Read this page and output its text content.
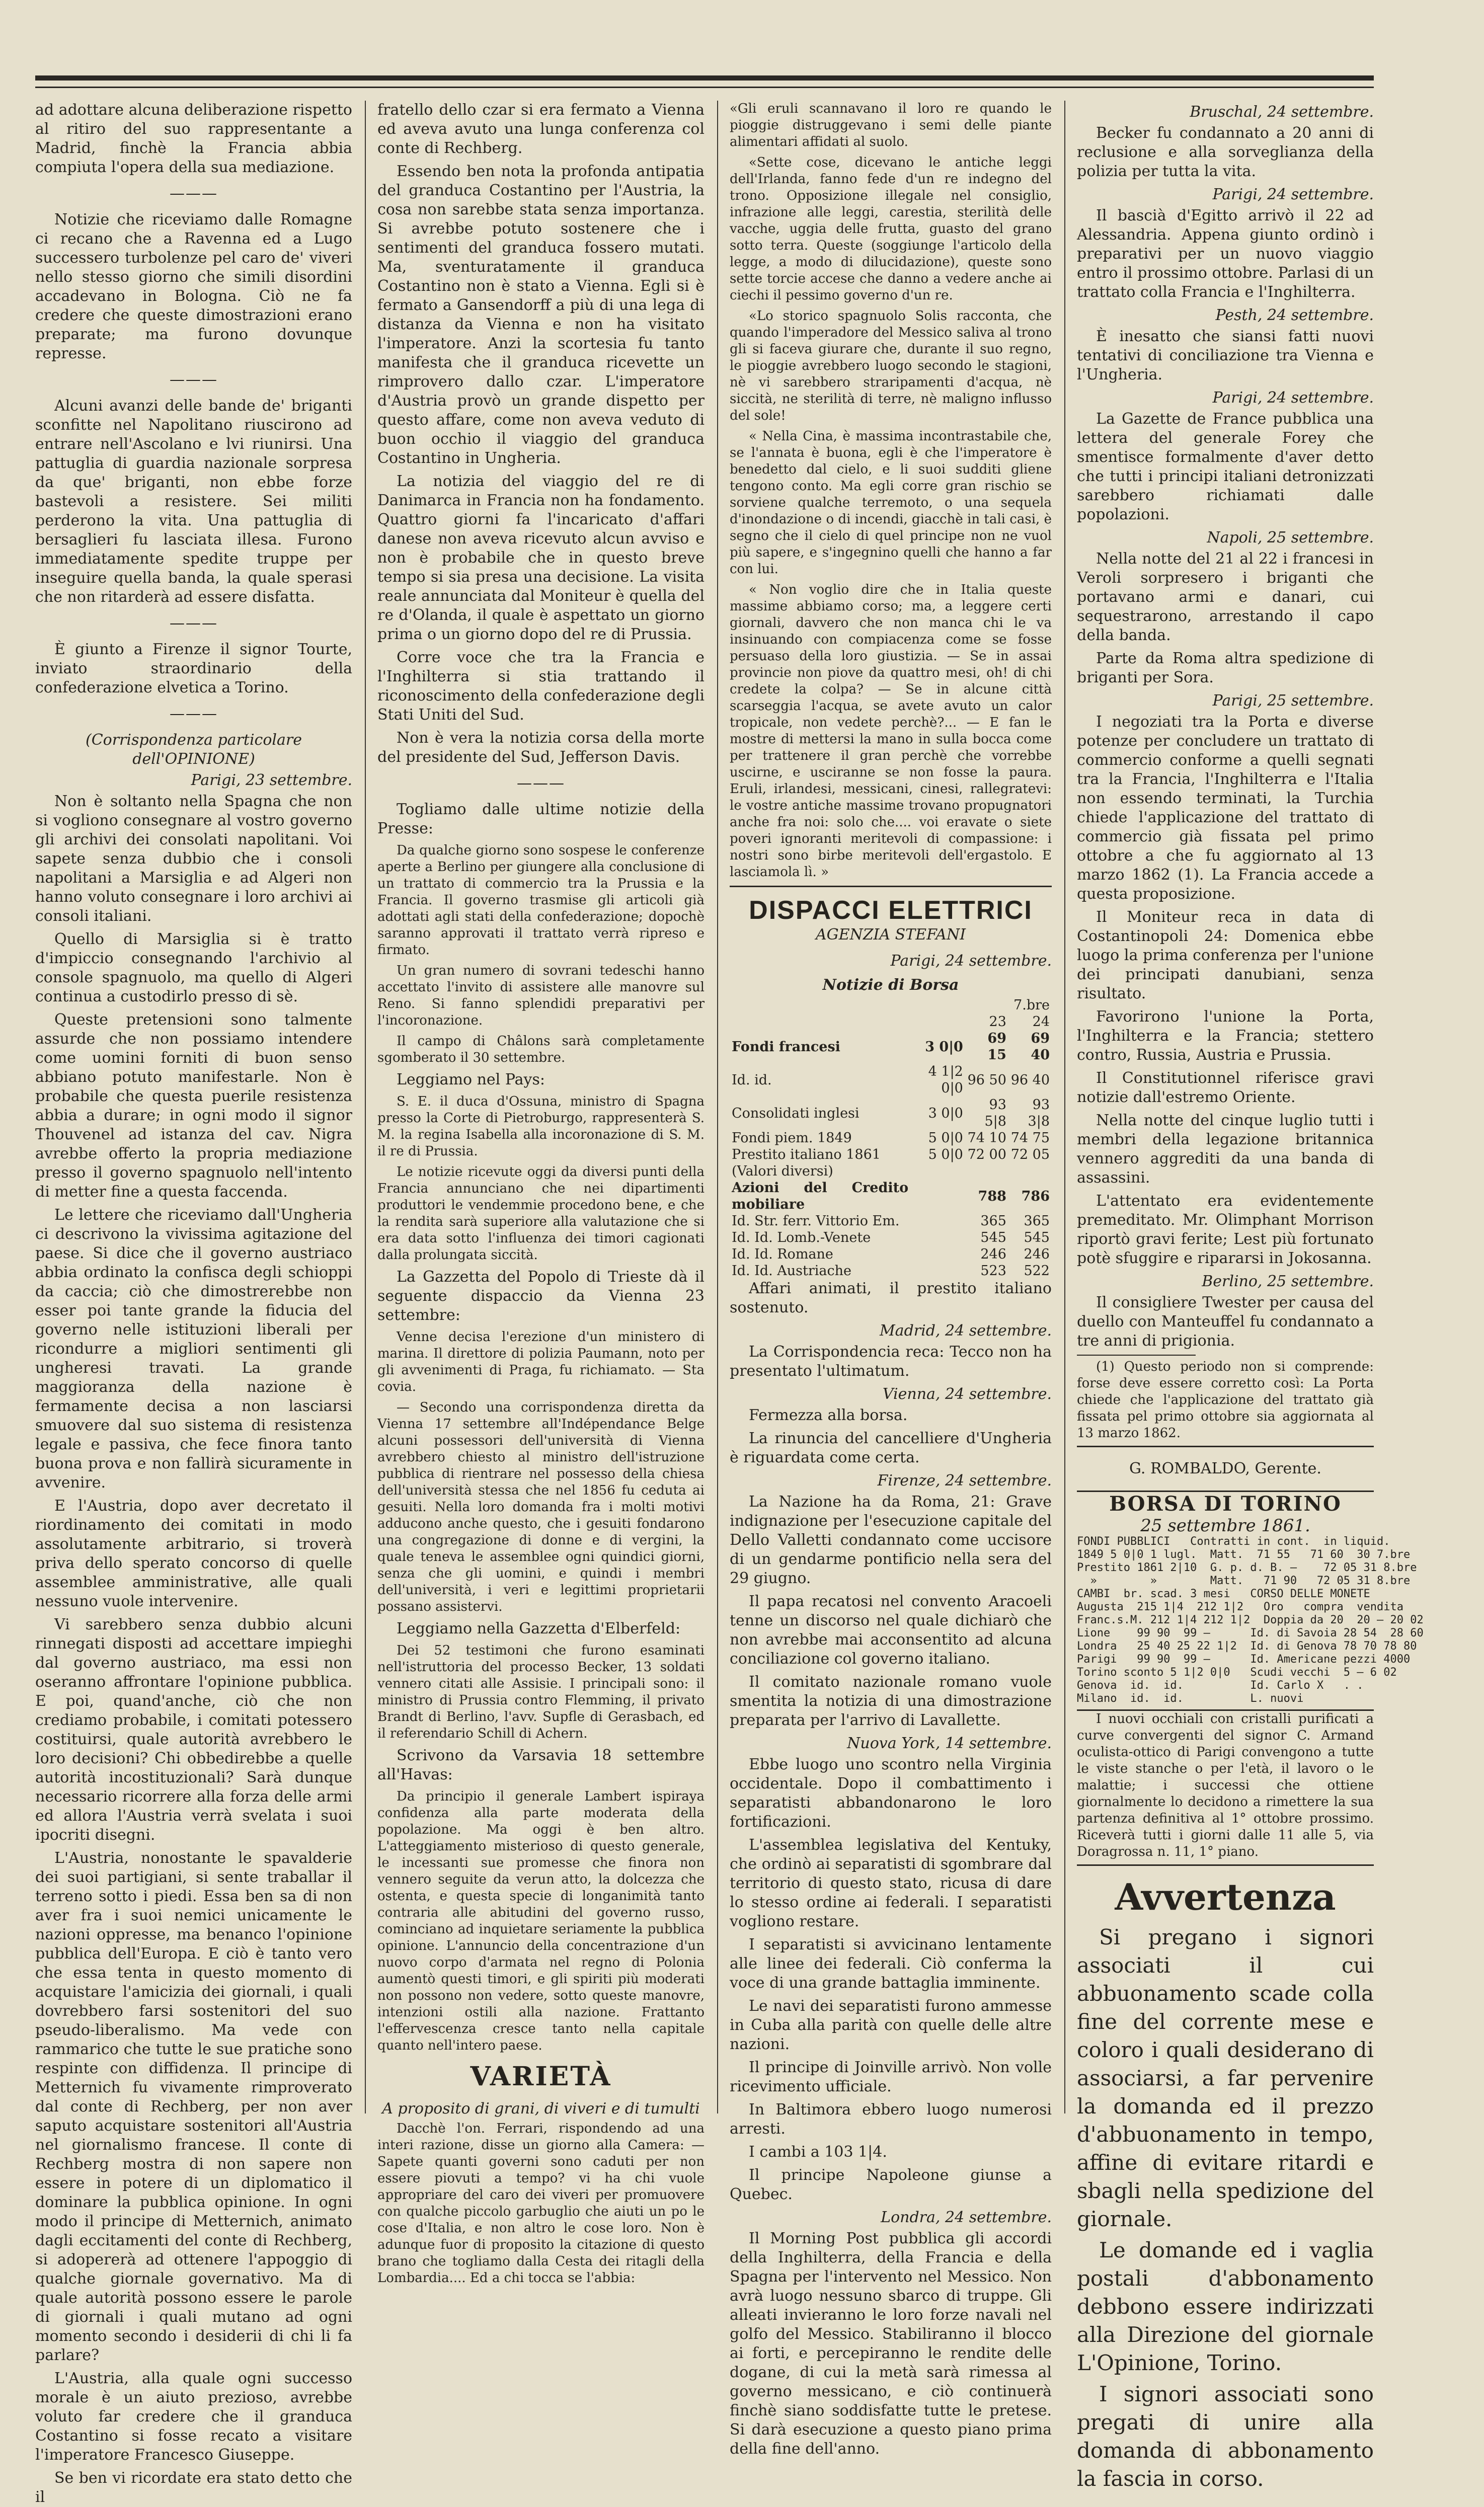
ad adottare alcuna deliberazione rispetto al ritiro del suo rappresentante a Madrid, finchè la Francia abbia compiuta l'opera della sua mediazione.

———

Notizie che riceviamo dalle Romagne ci recano che a Ravenna ed a Lugo successero turbolenze pel caro de' viveri nello stesso giorno che simili disordini accadevano in Bologna. Ciò ne fa credere che queste dimostrazioni erano preparate; ma furono dovunque represse.

———

Alcuni avanzi delle bande de' briganti sconfitte nel Napolitano riuscirono ad entrare nell'Ascolano e lvi riunirsi. Una pattuglia di guardia nazionale sorpresa da que' briganti, non ebbe forze bastevoli a resistere. Sei militi perderono la vita. Una pattuglia di bersaglieri fu lasciata illesa. Furono immediatamente spedite truppe per inseguire quella banda, la quale sperasi che non ritarderà ad essere disfatta.

———

È giunto a Firenze il signor Tourte, inviato straordinario della confederazione elvetica a Torino.

———
(Corrispondenza particolare dell'OPINIONE)
Parigi, 23 settembre.

Non è soltanto nella Spagna che non si vogliono consegnare al vostro governo gli archivi dei consolati napolitani. Voi sapete senza dubbio che i consoli napolitani a Marsiglia e ad Algeri non hanno voluto consegnare i loro archivi ai consoli italiani.

Quello di Marsiglia si è tratto d'impiccio consegnando l'archivio al console spagnuolo, ma quello di Algeri continua a custodirlo presso di sè.

Queste pretensioni sono talmente assurde che non possiamo intendere come uomini forniti di buon senso abbiano potuto manifestarle. Non è probabile che questa puerile resistenza abbia a durare; in ogni modo il signor Thouvenel ad istanza del cav. Nigra avrebbe offerto la propria mediazione presso il governo spagnuolo nell'intento di metter fine a questa faccenda.

Le lettere che riceviamo dall'Ungheria ci descrivono la vivissima agitazione del paese. Si dice che il governo austriaco abbia ordinato la confisca degli schioppi da caccia; ciò che dimostrerebbe non esser poi tante grande la fiducia del governo nelle istituzioni liberali per ricondurre a migliori sentimenti gli ungheresi travati. La grande maggioranza della nazione è fermamente decisa a non lasciarsi smuovere dal suo sistema di resistenza legale e passiva, che fece finora tanto buona prova e non fallirà sicuramente in avvenire.

E l'Austria, dopo aver decretato il riordinamento dei comitati in modo assolutamente arbitrario, si troverà priva dello sperato concorso di quelle assemblee amministrative, alle quali nessuno vuole intervenire.

Vi sarebbero senza dubbio alcuni rinnegati disposti ad accettare impieghi dal governo austriaco, ma essi non oseranno affrontare l'opinione pubblica. E poi, quand'anche, ciò che non crediamo probabile, i comitati potessero costituirsi, quale autorità avrebbero le loro decisioni? Chi obbedirebbe a quelle autorità incostituzionali? Sarà dunque necessario ricorrere alla forza delle armi ed allora l'Austria verrà svelata i suoi ipocriti disegni.

L'Austria, nonostante le spavalderie dei suoi partigiani, si sente traballar il terreno sotto i piedi. Essa ben sa di non aver fra i suoi nemici unicamente le nazioni oppresse, ma benanco l'opinione pubblica dell'Europa. E ciò è tanto vero che essa tenta in questo momento di acquistare l'amicizia dei giornali, i quali dovrebbero farsi sostenitori del suo pseudo-liberalismo. Ma vede con rammarico che tutte le sue pratiche sono respinte con diffidenza. Il principe di Metternich fu vivamente rimproverato dal conte di Rechberg, per non aver saputo acquistare sostenitori all'Austria nel giornalismo francese. Il conte di Rechberg mostra di non sapere non essere in potere di un diplomatico il dominare la pubblica opinione. In ogni modo il principe di Metternich, animato dagli eccitamenti del conte di Rechberg, si adopererà ad ottenere l'appoggio di qualche giornale governativo. Ma di quale autorità possono essere le parole di giornali i quali mutano ad ogni momento secondo i desiderii di chi li fa parlare?

L'Austria, alla quale ogni successo morale è un aiuto prezioso, avrebbe voluto far credere che il granduca Costantino si fosse recato a visitare l'imperatore Francesco Giuseppe.

Se ben vi ricordate era stato detto che il

fratello dello czar si era fermato a Vienna ed aveva avuto una lunga conferenza col conte di Rechberg.

Essendo ben nota la profonda antipatia del granduca Costantino per l'Austria, la cosa non sarebbe stata senza importanza. Si avrebbe potuto sostenere che i sentimenti del granduca fossero mutati. Ma, sventuratamente il granduca Costantino non è stato a Vienna. Egli si è fermato a Gansendorff a più di una lega di distanza da Vienna e non ha visitato l'imperatore. Anzi la scortesia fu tanto manifesta che il granduca ricevette un rimprovero dallo czar. L'imperatore d'Austria provò un grande dispetto per questo affare, come non aveva veduto di buon occhio il viaggio del granduca Costantino in Ungheria.

La notizia del viaggio del re di Danimarca in Francia non ha fondamento. Quattro giorni fa l'incaricato d'affari danese non aveva ricevuto alcun avviso e non è probabile che in questo breve tempo si sia presa una decisione. La visita reale annunciata dal Moniteur è quella del re d'Olanda, il quale è aspettato un giorno prima o un giorno dopo del re di Prussia.

Corre voce che tra la Francia e l'Inghilterra si stia trattando il riconoscimento della confederazione degli Stati Uniti del Sud.

Non è vera la notizia corsa della morte del presidente del Sud, Jefferson Davis.

———

Togliamo dalle ultime notizie della Presse:

Da qualche giorno sono sospese le conferenze aperte a Berlino per giungere alla conclusione di un trattato di commercio tra la Prussia e la Francia. Il governo trasmise gli articoli già adottati agli stati della confederazione; dopochè saranno approvati il trattato verrà ripreso e firmato.

Un gran numero di sovrani tedeschi hanno accettato l'invito di assistere alle manovre sul Reno. Si fanno splendidi preparativi per l'incoronazione.

Il campo di Châlons sarà completamente sgomberato il 30 settembre.

Leggiamo nel Pays:

S. E. il duca d'Ossuna, ministro di Spagna presso la Corte di Pietroburgo, rappresenterà S. M. la regina Isabella alla incoronazione di S. M. il re di Prussia.

Le notizie ricevute oggi da diversi punti della Francia annunciano che nei dipartimenti produttori le vendemmie procedono bene, e che la rendita sarà superiore alla valutazione che si era data sotto l'influenza dei timori cagionati dalla prolungata siccità.

La Gazzetta del Popolo di Trieste dà il seguente dispaccio da Vienna 23 settembre:

Venne decisa l'erezione d'un ministero di marina. Il direttore di polizia Paumann, noto per gli avvenimenti di Praga, fu richiamato. — Sta covia.

— Secondo una corrispondenza diretta da Vienna 17 settembre all'Indépendance Belge alcuni possessori dell'università di Vienna avrebbero chiesto al ministro dell'istruzione pubblica di rientrare nel possesso della chiesa dell'università stessa che nel 1856 fu ceduta ai gesuiti. Nella loro domanda fra i molti motivi adducono anche questo, che i gesuiti fondarono una congregazione di donne e di vergini, la quale teneva le assemblee ogni quindici giorni, senza che gli uomini, e quindi i membri dell'università, i veri e legittimi proprietarii possano assistervi.

Leggiamo nella Gazzetta d'Elberfeld:

Dei 52 testimoni che furono esaminati nell'istruttoria del processo Becker, 13 soldati vennero citati alle Assisie. I principali sono: il ministro di Prussia contro Flemming, il privato Brandt di Berlino, l'avv. Supfle di Gerasbach, ed il referendario Schill di Achern.

Scrivono da Varsavia 18 settembre all'Havas:

Da principio il generale Lambert ispiraya confidenza alla parte moderata della popolazione. Ma oggi è ben altro. L'atteggiamento misterioso di questo generale, le incessanti sue promesse che finora non vennero seguite da verun atto, la dolcezza che ostenta, e questa specie di longanimità tanto contraria alle abitudini del governo russo, cominciano ad inquietare seriamente la pubblica opinione. L'annuncio della concentrazione d'un nuovo corpo d'armata nel regno di Polonia aumentò questi timori, e gli spiriti più moderati non possono non vedere, sotto queste manovre, intenzioni ostili alla nazione. Frattanto l'effervescenza cresce tanto nella capitale quanto nell'intero paese.

VARIETÀ
A proposito di grani, di viveri e di tumulti

Dacchè l'on. Ferrari, rispondendo ad una interi razione, disse un giorno alla Camera: — Sapete quanti governi sono caduti per non essere piovuti a tempo? vi ha chi vuole appropriare del caro dei viveri per promuovere con qualche piccolo garbuglio che aiuti un po le cose d'Italia, e non altro le cose loro. Non è adunque fuor di proposito la citazione di questo brano che togliamo dalla Cesta dei ritagli della Lombardia.... Ed a chi tocca se l'abbia:

«Gli eruli scannavano il loro re quando le pioggie distruggevano i semi delle piante alimentari affidati al suolo.

«Sette cose, dicevano le antiche leggi dell'Irlanda, fanno fede d'un re indegno del trono. Opposizione illegale nel consiglio, infrazione alle leggi, carestia, sterilità delle vacche, uggia delle frutta, guasto del grano sotto terra. Queste (soggiunge l'articolo della legge, a modo di dilucidazione), queste sono sette torcie accese che danno a vedere anche ai ciechi il pessimo governo d'un re.

«Lo storico spagnuolo Solis racconta, che quando l'imperadore del Messico saliva al trono gli si faceva giurare che, durante il suo regno, le pioggie avrebbero luogo secondo le stagioni, nè vi sarebbero straripamenti d'acqua, nè siccità, ne sterilità di terre, nè maligno influsso del sole!

« Nella Cina, è massima incontrastabile che, se l'annata è buona, egli è che l'imperatore è benedetto dal cielo, e li suoi sudditi gliene tengono conto. Ma egli corre gran rischio se sorviene qualche terremoto, o una sequela d'inondazione o di incendi, giacchè in tali casi, è segno che il cielo di quel principe non ne vuol più sapere, e s'ingegnino quelli che hanno a far con lui.

« Non voglio dire che in Italia queste massime abbiamo corso; ma, a leggere certi giornali, davvero che non manca chi le va insinuando con compiacenza come se fosse persuaso della loro giustizia. — Se in assai provincie non piove da quattro mesi, oh! di chi credete la colpa? — Se in alcune città scarseggia l'acqua, se avete avuto un calor tropicale, non vedete perchè?... — E fan le mostre di mettersi la mano in sulla bocca come per trattenere il gran perchè che vorrebbe uscirne, e usciranne se non fosse la paura. Eruli, irlandesi, messicani, cinesi, rallegratevi: le vostre antiche massime trovano propugnatori anche fra noi: solo che.... voi eravate o siete poveri ignoranti meritevoli di compassione: i nostri sono birbe meritevoli dell'ergastolo. E lasciamola lì. »

DISPACCI ELETTRICI
AGENZIA STEFANI
Parigi, 24 settembre.
Notizie di Borsa
		7.bre	
		23	24
Fondi francesi	3 0|0	69 15	69 40
Id. id.	4 1|2 0|0	96 50	96 40
Consolidati inglesi	3 0|0	93 5|8	93 3|8
Fondi piem. 1849	5 0|0	74 10	74 75
Prestito italiano 1861	5 0|0	72 00	72 05
(Valori diversi)			
Azioni del Credito mobiliare		788	786
Id. Str. ferr. Vittorio Em.		365	365
Id. Id. Lomb.-Venete		545	545
Id. Id. Romane		246	246
Id. Id. Austriache		523	522

Affari animati, il prestito italiano sostenuto.

Madrid, 24 settembre.

La Corrispondencia reca: Tecco non ha presentato l'ultimatum.

Vienna, 24 settembre.

Fermezza alla borsa.

La rinuncia del cancelliere d'Ungheria è riguardata come certa.

Firenze, 24 settembre.

La Nazione ha da Roma, 21: Grave indignazione per l'esecuzione capitale del Dello Valletti condannato come uccisore di un gendarme pontificio nella sera del 29 giugno.

Il papa recatosi nel convento Aracoeli tenne un discorso nel quale dichiarò che non avrebbe mai acconsentito ad alcuna conciliazione col governo italiano.

Il comitato nazionale romano vuole smentita la notizia di una dimostrazione preparata per l'arrivo di Lavallette.

Nuova York, 14 settembre.

Ebbe luogo uno scontro nella Virginia occidentale. Dopo il combattimento i separatisti abbandonarono le loro fortificazioni.

L'assemblea legislativa del Kentuky, che ordinò ai separatisti di sgombrare dal territorio di questo stato, ricusa di dare lo stesso ordine ai federali. I separatisti vogliono restare.

I separatisti si avvicinano lentamente alle linee dei federali. Ciò conferma la voce di una grande battaglia imminente.

Le navi dei separatisti furono ammesse in Cuba alla parità con quelle delle altre nazioni.

Il principe di Joinville arrivò. Non volle ricevimento ufficiale.

In Baltimora ebbero luogo numerosi arresti.

I cambi a 103 1|4.

Il principe Napoleone giunse a Quebec.

Londra, 24 settembre.

Il Morning Post pubblica gli accordi della Inghilterra, della Francia e della Spagna per l'intervento nel Messico. Non avrà luogo nessuno sbarco di truppe. Gli alleati invieranno le loro forze navali nel golfo del Messico. Stabiliranno il blocco ai forti, e percepiranno le rendite delle dogane, di cui la metà sarà rimessa al governo messicano, e ciò continuerà finchè siano soddisfatte tutte le pretese. Si darà esecuzione a questo piano prima della fine dell'anno.

Bruschal, 24 settembre.

Becker fu condannato a 20 anni di reclusione e alla sorveglianza della polizia per tutta la vita.

Parigi, 24 settembre.

Il bascià d'Egitto arrivò il 22 ad Alessandria. Appena giunto ordinò i preparativi per un nuovo viaggio entro il prossimo ottobre. Parlasi di un trattato colla Francia e l'Inghilterra.

Pesth, 24 settembre.

È inesatto che siansi fatti nuovi tentativi di conciliazione tra Vienna e l'Ungheria.

Parigi, 24 settembre.

La Gazette de France pubblica una lettera del generale Forey che smentisce formalmente d'aver detto che tutti i principi italiani detronizzati sarebbero richiamati dalle popolazioni.

Napoli, 25 settembre.

Nella notte del 21 al 22 i francesi in Veroli sorpresero i briganti che portavano armi e danari, cui sequestrarono, arrestando il capo della banda.

Parte da Roma altra spedizione di briganti per Sora.

Parigi, 25 settembre.

I negoziati tra la Porta e diverse potenze per concludere un trattato di commercio conforme a quelli segnati tra la Francia, l'Inghilterra e l'Italia non essendo terminati, la Turchia chiede l'applicazione del trattato di commercio già fissata pel primo ottobre a che fu aggiornato al 13 marzo 1862 (1). La Francia accede a questa proposizione.

Il Moniteur reca in data di Costantinopoli 24: Domenica ebbe luogo la prima conferenza per l'unione dei principati danubiani, senza risultato.

Favorirono l'unione la Porta, l'Inghilterra e la Francia; stettero contro, Russia, Austria e Prussia.

Il Constitutionnel riferisce gravi notizie dall'estremo Oriente.

Nella notte del cinque luglio tutti i membri della legazione britannica vennero aggrediti da una banda di assassini.

L'attentato era evidentemente premeditato. Mr. Olimphant Morrison riportò gravi ferite; Lest più fortunato potè sfuggire e ripararsi in Jokosanna.

Berlino, 25 settembre.

Il consigliere Twester per causa del duello con Manteuffel fu condannato a tre anni di prigionia.

(1) Questo periodo non si comprende: forse deve essere corretto così: La Porta chiede che l'applicazione del trattato già fissata pel primo ottobre sia aggiornata al 13 marzo 1862.

G. ROMBALDO, Gerente.
BORSA DI TORINO
25 settembre 1861.
FONDI PUBBLICI   Contratti in cont.  in liquid.
1849 5 0|0 1 lugl.  Matt.  71 55   71 60  30 7.bre
Prestito 1861 2|10  G. p. d. B. —    72 05 31 8.bre
»        »        Matt.   71 90   72 05 31 8.bre
CAMBI  br. scad. 3 mesi   CORSO DELLE MONETE
Augusta  215 1|4  212 1|2   Oro   compra  vendita
Franc.s.M. 212 1|4 212 1|2  Doppia da 20  20 — 20 02
Lione    99 90  99 —      Id. di Savoia 28 54  28 60
Londra   25 40 25 22 1|2  Id. di Genova 78 70 78 80
Parigi   99 90  99 —      Id. Americane pezzi 4000
Torino sconto 5 1|2 0|0   Scudi vecchi  5 — 6 02
Genova  id.  id.          Id. Carlo X   . .
Milano  id.  id.          L. nuovi

I nuovi occhiali con cristalli purificati a curve convergenti del signor C. Armand oculista-ottico di Parigi convengono a tutte le viste stanche o per l'età, il lavoro o le malattie; i successi che ottiene giornalmente lo decidono a rimettere la sua partenza definitiva al 1° ottobre prossimo. Riceverà tutti i giorni dalle 11 alle 5, via Doragrossa n. 11, 1° piano.

Avvertenza

Si pregano i signori associati il cui abbuonamento scade colla fine del corrente mese e coloro i quali desiderano di associarsi, a far pervenire la domanda ed il prezzo d'abbuonamento in tempo, affine di evitare ritardi e sbagli nella spedizione del giornale.

Le domande ed i vaglia postali d'abbonamento debbono essere indirizzati alla Direzione del giornale L'Opinione, Torino.

I signori associati sono pregati di unire alla domanda di abbonamento la fascia in corso.
